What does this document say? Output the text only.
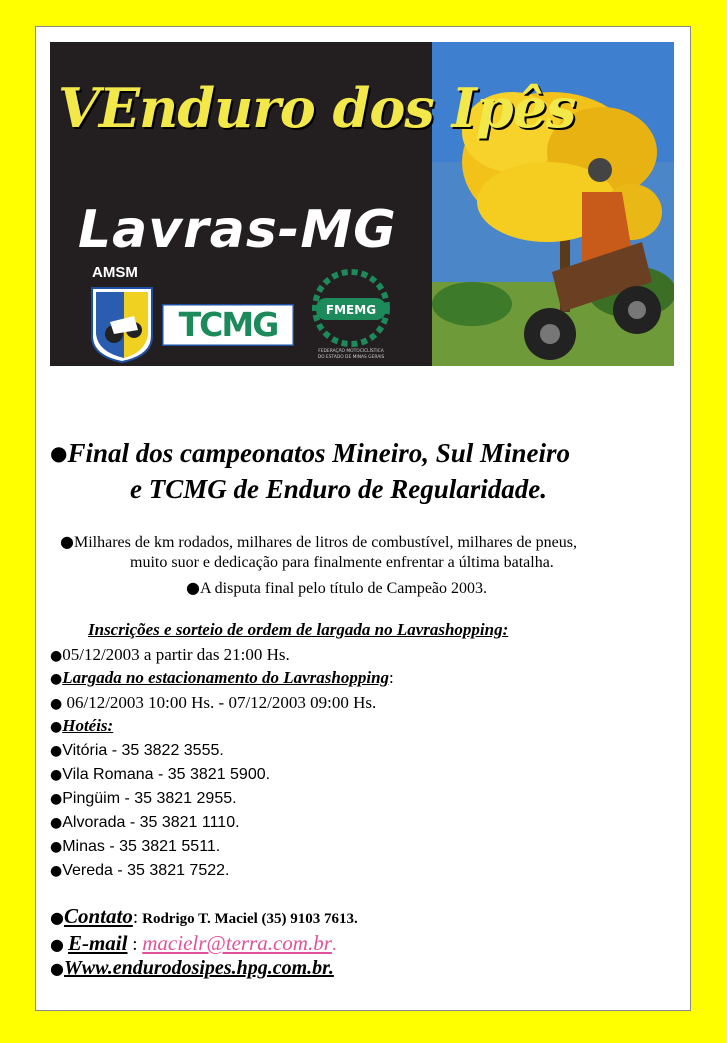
VEnduro dos Ipês
Lavras-MG
AMSM
TCMG	FMEMG
FEDERAÇÃO MOTOCICLÍSTICA
DO ESTADO DE MINAS GERAIS
●Final dos campeonatos Mineiro, Sul Mineiro
e TCMG de Enduro de Regularidade.
●Milhares de km rodados, milhares de litros de combustível, milhares de pneus,
muito suor e dedicação para finalmente enfrentar a última batalha.
●A disputa final pelo título de Campeão 2003.
Inscrições e sorteio de ordem de largada no Lavrashopping:
●05/12/2003 a partir das 21:00 Hs.
●Largada no estacionamento do Lavrashopping:
● 06/12/2003 10:00 Hs. - 07/12/2003 09:00 Hs.
●Hotéis:
●Vitória - 35 3822 3555.
●Vila Romana - 35 3821 5900.
●Pingüim - 35 3821 2955.
●Alvorada - 35 3821 1110.
●Minas - 35 3821 5511.
●Vereda - 35 3821 7522.
●Contato: Rodrigo T. Maciel (35) 9103 7613.
● E-mail : macielr@terra.com.br.
●Www.endurodosipes.hpg.com.br.
